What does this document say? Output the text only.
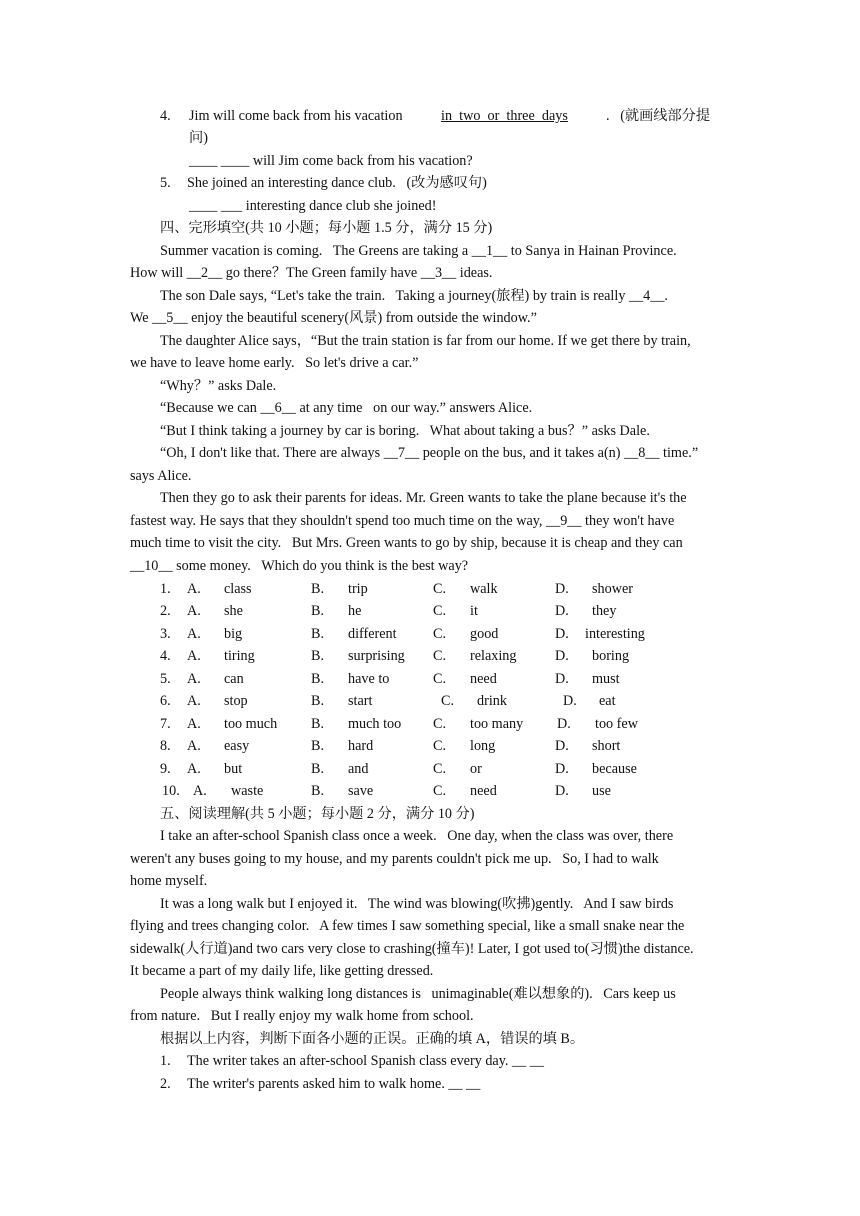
4. Jim will come back from his vacation	in  two  or  three  days	.   (就画线部分提
问)
____ ____ will Jim come back from his vacation?
5. She joined an interesting dance club.   (改为感叹句)
____ ___ interesting dance club she joined!
四、完形填空(共 10 小题；每小题 1.5 分，满分 15 分)
Summer vacation is coming.   The Greens are taking a __1__ to Sanya in Hainan Province.
How will __2__ go there？The Green family have __3__ ideas.
The son Dale says, “Let's take the train.   Taking a journey(旅程) by train is really __4__.
We __5__ enjoy the beautiful scenery(风景) from outside the window.”
The daughter Alice says，“But the train station is far from our home. If we get there by train,
we have to leave home early.   So let's drive a car.”
“Why？” asks Dale.
“Because we can __6__ at any time   on our way.” answers Alice.
“But I think taking a journey by car is boring.   What about taking a bus？” asks Dale.
“Oh, I don't like that. There are always __7__ people on the bus, and it takes a(n) __8__ time.”
says Alice.
Then they go to ask their parents for ideas. Mr. Green wants to take the plane because it's the
fastest way. He says that they shouldn't spend too much time on the way, __9__ they won't have
much time to visit the city.   But Mrs. Green wants to go by ship, because it is cheap and they can
__10__ some money.   Which do you think is the best way?
1. A. class	B. trip	C. walk	D. shower
2. A. she	B. he	C. it	D. they
3. A. big	B. different	C. good	D. interesting
4. A. tiring	B. surprising C. relaxing	D. boring
5. A. can	B. have to	C. need	D. must
6. A. stop	B. start	C. drink	D. eat
7. A. too much B. much too C. too many D. too few
8. A. easy	B. hard	C. long	D. short
9. A. but	B. and	C. or	D. because
10. A. waste	B. save	C. need	D. use
五、阅读理解(共 5 小题；每小题 2 分，满分 10 分)
I take an after-school Spanish class once a week.   One day, when the class was over, there
weren't any buses going to my house, and my parents couldn't pick me up.   So, I had to walk
home myself.
It was a long walk but I enjoyed it.   The wind was blowing(吹拂)gently.   And I saw birds
flying and trees changing color.   A few times I saw something special, like a small snake near the
sidewalk(人行道)and two cars very close to crashing(撞车)! Later, I got used to(习惯)the distance.
It became a part of my daily life, like getting dressed.
People always think walking long distances is   unimaginable(难以想象的).   Cars keep us
from nature.   But I really enjoy my walk home from school.
根据以上内容，判断下面各小题的正误。正确的填 A，错误的填 B。
1. The writer takes an after-school Spanish class every day. __ __
2. The writer's parents asked him to walk home. __ __
